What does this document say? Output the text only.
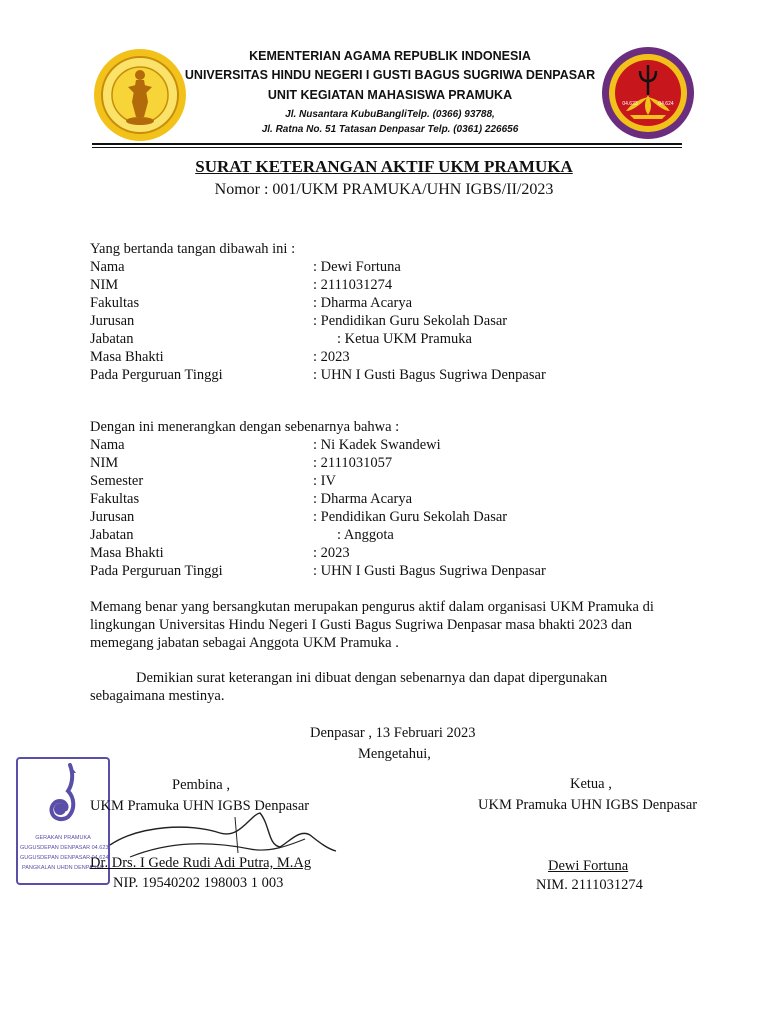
KEMENTERIAN AGAMA REPUBLIK INDONESIA
UNIVERSITAS HINDU NEGERI I GUSTI BAGUS SUGRIWA DENPASAR
UNIT KEGIATAN MAHASISWA PRAMUKA
Jl. Nusantara KubuBangliTelp. (0366) 93788,
Jl. Ratna No. 51 Tatasan Denpasar Telp. (0361) 226656
04.623	04.624
SURAT KETERANGAN AKTIF UKM PRAMUKA
Nomor : 001/UKM PRAMUKA/UHN IGBS/II/2023
Yang bertanda tangan dibawah ini :
Nama	: Dewi Fortuna
NIM	: 2111031274
Fakultas	: Dharma Acarya
Jurusan	: Pendidikan Guru Sekolah Dasar
Jabatan	: Ketua UKM Pramuka
Masa Bhakti	: 2023
Pada Perguruan Tinggi	: UHN I Gusti Bagus Sugriwa Denpasar
Dengan ini menerangkan dengan sebenarnya bahwa :
Nama	: Ni Kadek Swandewi
NIM	: 2111031057
Semester	: IV
Fakultas	: Dharma Acarya
Jurusan	: Pendidikan Guru Sekolah Dasar
Jabatan	: Anggota
Masa Bhakti	: 2023
Pada Perguruan Tinggi	: UHN I Gusti Bagus Sugriwa Denpasar
Memang benar yang bersangkutan merupakan pengurus aktif dalam organisasi UKM Pramuka di lingkungan Universitas Hindu Negeri I Gusti Bagus Sugriwa Denpasar masa bhakti 2023 dan memegang jabatan sebagai Anggota UKM Pramuka .
Demikian surat keterangan ini dibuat dengan sebenarnya dan dapat dipergunakan
sebagaimana mestinya.
Denpasar , 13 Februari 2023
Mengetahui,
GERAKAN PRAMUKA
GUGUSDEPAN DENPASAR 04.623
GUGUSDEPAN DENPASAR 04.624
PANGKALAN UHDN DENPASAR
Pembina ,
UKM Pramuka UHN IGBS Denpasar
Dr. Drs. I Gede Rudi Adi Putra, M.Ag
NIP. 19540202 198003 1 003
Ketua ,
UKM Pramuka UHN IGBS Denpasar
Dewi Fortuna
NIM. 2111031274
